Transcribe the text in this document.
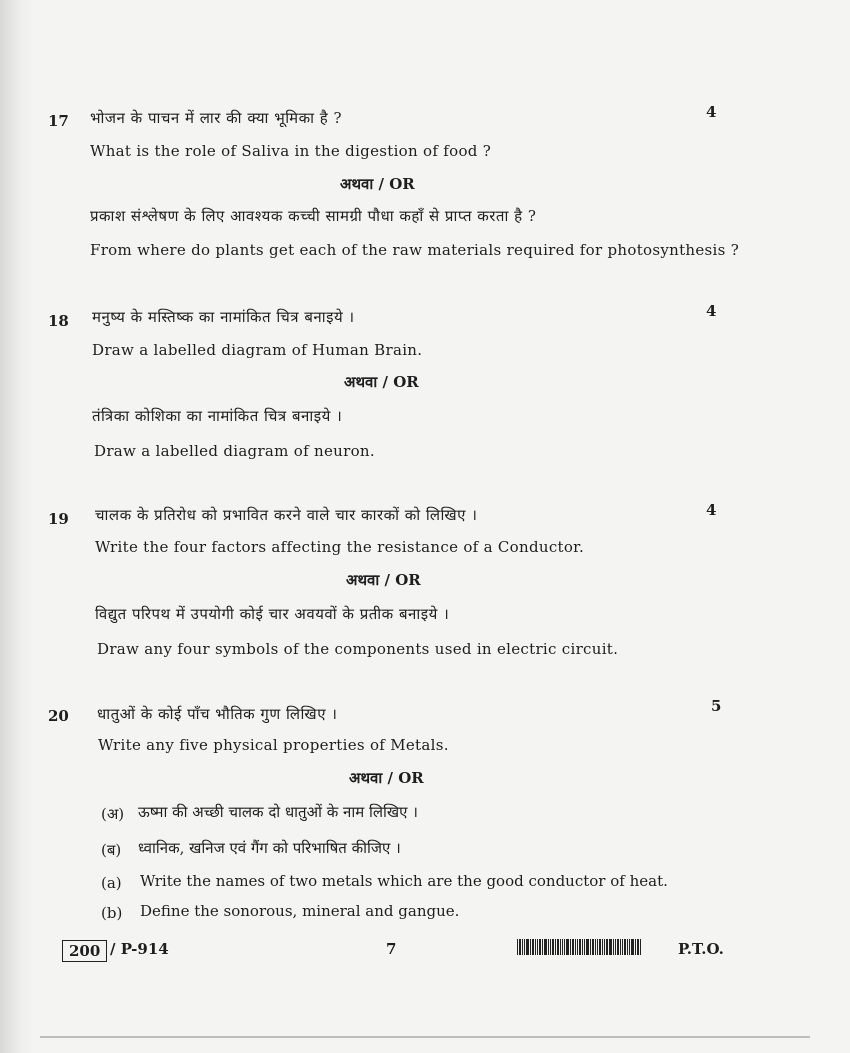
17	4
भोजन के पाचन में लार की क्या भूमिका है ?
What is the role of Saliva in the digestion of food ?
अथवा / OR
प्रकाश संश्लेषण के लिए आवश्यक कच्ची सामग्री पौधा कहाँ से प्राप्त करता है ?
From where do plants get each of the raw materials required for photosynthesis ?
18
4
मनुष्य के मस्तिष्क का नामांकित चित्र बनाइये ।
Draw a labelled diagram of Human Brain.
अथवा / OR
तंत्रिका कोशिका का नामांकित चित्र बनाइये ।
Draw a labelled diagram of neuron.
19	4
चालक के प्रतिरोध को प्रभावित करने वाले चार कारकों को लिखिए ।
Write the four factors affecting the resistance of a Conductor.
अथवा / OR
विद्युत परिपथ में उपयोगी कोई चार अवयवों के प्रतीक बनाइये ।
Draw any four symbols of the components used in electric circuit.
20
5
धातुओं के कोई पाँच भौतिक गुण लिखिए ।
Write any five physical properties of Metals.
अथवा / OR
(अ) ऊष्मा की अच्छी चालक दो धातुओं के नाम लिखिए ।
(ब) ध्वानिक, खनिज एवं गैंग को परिभाषित कीजिए ।
(a) Write the names of two metals which are the good conductor of heat.
(b) Define the sonorous, mineral and gangue.
200 / P-914	7	P.T.O.
